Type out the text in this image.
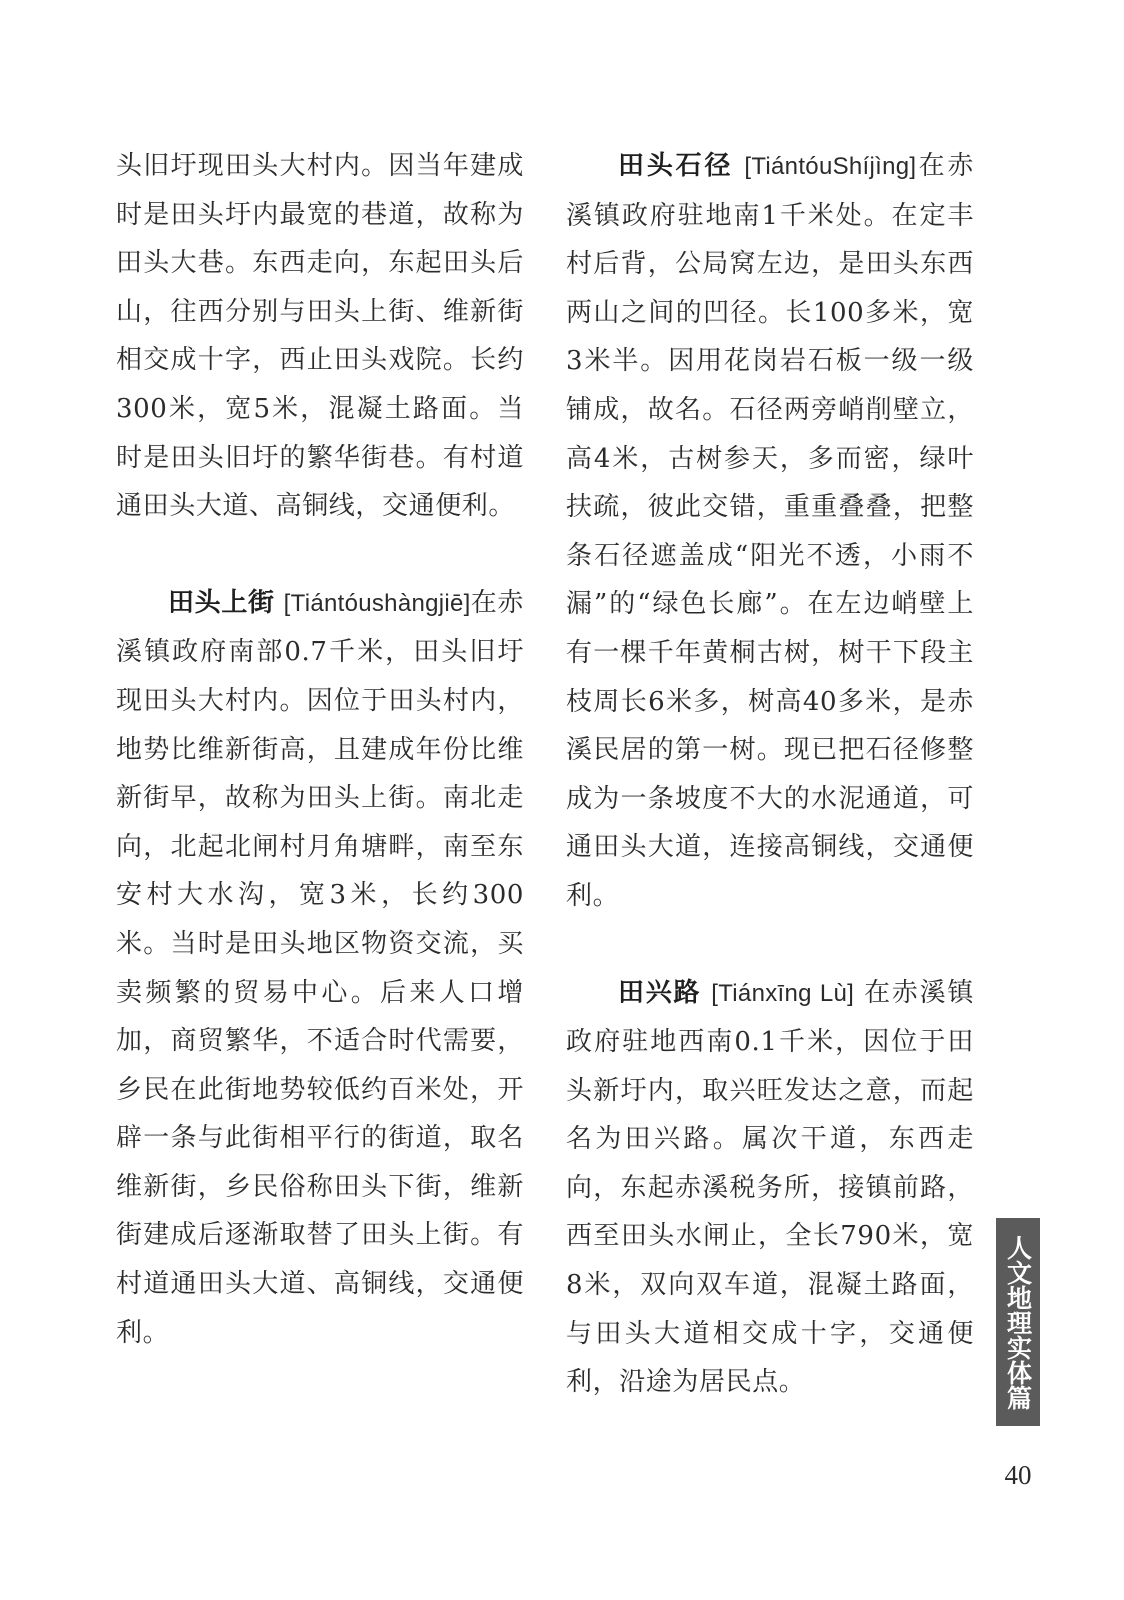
头旧圩现田头大村内。因当年建成时是田头圩内最宽的巷道，故称为田头大巷。东西走向，东起田头后山，往西分别与田头上街、维新街相交成十字，西止田头戏院。长约300米，宽5米，混凝土路面。当时是田头旧圩的繁华街巷。有村道通田头大道、高铜线，交通便利。

田头上街 [Tiántóushàngjiē]在赤溪镇政府南部0.7千米，田头旧圩现田头大村内。因位于田头村内，地势比维新街高，且建成年份比维新街早，故称为田头上街。南北走向，北起北闸村月角塘畔，南至东安村大水沟，宽3米，长约300米。当时是田头地区物资交流，买卖频繁的贸易中心。后来人口增加，商贸繁华，不适合时代需要，乡民在此街地势较低约百米处，开辟一条与此街相平行的街道，取名维新街，乡民俗称田头下街，维新街建成后逐渐取替了田头上街。有村道通田头大道、高铜线，交通便利。

田头石径 [TiántóuShíjìng]在赤溪镇政府驻地南1千米处。在定丰村后背，公局窝左边，是田头东西两山之间的凹径。长100多米，宽3米半。因用花岗岩石板一级一级铺成，故名。石径两旁峭削壁立，高4米，古树参天，多而密，绿叶扶疏，彼此交错，重重叠叠，把整条石径遮盖成“阳光不透，小雨不漏”的“绿色长廊”。在左边峭壁上有一棵千年黄桐古树，树干下段主枝周长6米多，树高40多米，是赤溪民居的第一树。现已把石径修整成为一条坡度不大的水泥通道，可通田头大道，连接高铜线，交通便利。

田兴路 [Tiánxīng Lù] 在赤溪镇政府驻地西南0.1千米，因位于田头新圩内，取兴旺发达之意，而起名为田兴路。属次干道，东西走向，东起赤溪税务所，接镇前路，西至田头水闸止，全长790米，宽8米，双向双车道，混凝土路面，与田头大道相交成十字，交通便利，沿途为居民点。	人文地理实体篇
40
